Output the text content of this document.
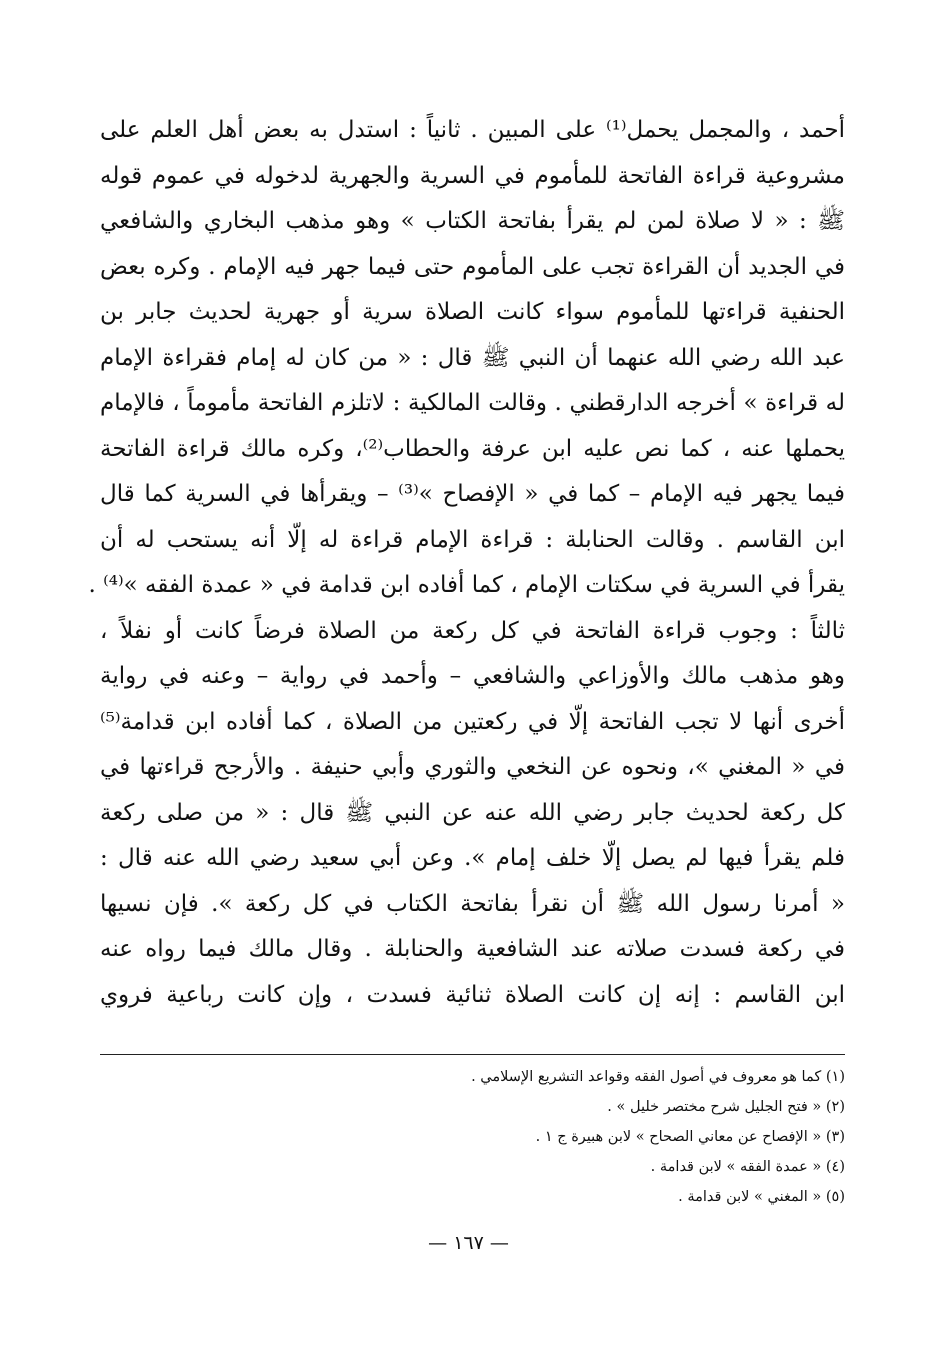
أحمد ، والمجمل يحمل⁽¹⁾ على المبين . ثانياً : استدل به بعض أهل العلم على
مشروعية قراءة الفاتحة للمأموم في السرية والجهرية لدخوله في عموم قوله
ﷺ : « لا صلاة لمن لم يقرأ بفاتحة الكتاب » وهو مذهب البخاري والشافعي
في الجديد أن القراءة تجب على المأموم حتى فيما جهر فيه الإمام . وكره بعض
الحنفية قراءتها للمأموم سواء كانت الصلاة سرية أو جهرية لحديث جابر بن
عبد الله رضي الله عنهما أن النبي ﷺ قال : « من كان له إمام فقراءة الإمام
له قراءة » أخرجه الدارقطني . وقالت المالكية : لاتلزم الفاتحة مأموماً ، فالإمام
يحملها عنه ، كما نص عليه ابن عرفة والحطاب⁽²⁾، وكره مالك قراءة الفاتحة
فيما يجهر فيه الإمام – كما في « الإفصاح »⁽³⁾ – ويقرأها في السرية كما قال
ابن القاسم . وقالت الحنابلة : قراءة الإمام قراءة له إلّا أنه يستحب له أن
يقرأ في السرية في سكتات الإمام ، كما أفاده ابن قدامة في « عمدة الفقه »⁽⁴⁾ .
ثالثاً : وجوب قراءة الفاتحة في كل ركعة من الصلاة فرضاً كانت أو نفلاً ،
وهو مذهب مالك والأوزاعي والشافعي – وأحمد في رواية – وعنه في رواية
أخرى أنها لا تجب الفاتحة إلّا في ركعتين من الصلاة ، كما أفاده ابن قدامة⁽⁵⁾
في « المغني »، ونحوه عن النخعي والثوري وأبي حنيفة . والأرجح قراءتها في
كل ركعة لحديث جابر رضي الله عنه عن النبي ﷺ قال : « من صلى ركعة
فلم يقرأ فيها لم يصل إلّا خلف إمام ». وعن أبي سعيد رضي الله عنه قال :
« أمرنا رسول الله ﷺ أن نقرأ بفاتحة الكتاب في كل ركعة ». فإن نسيها
في ركعة فسدت صلاته عند الشافعية والحنابلة . وقال مالك فيما رواه عنه
ابن القاسم : إنه إن كانت الصلاة ثنائية فسدت ، وإن كانت رباعية فروي
(١) كما هو معروف في أصول الفقه وقواعد التشريع الإسلامي .
(٢) « فتح الجليل شرح مختصر خليل » .
(٣) « الإفصاح عن معاني الصحاح » لابن هبيرة ج ١ .
(٤) « عمدة الفقه » لابن قدامة .
(٥) « المغني » لابن قدامة .
— ١٦٧ —
